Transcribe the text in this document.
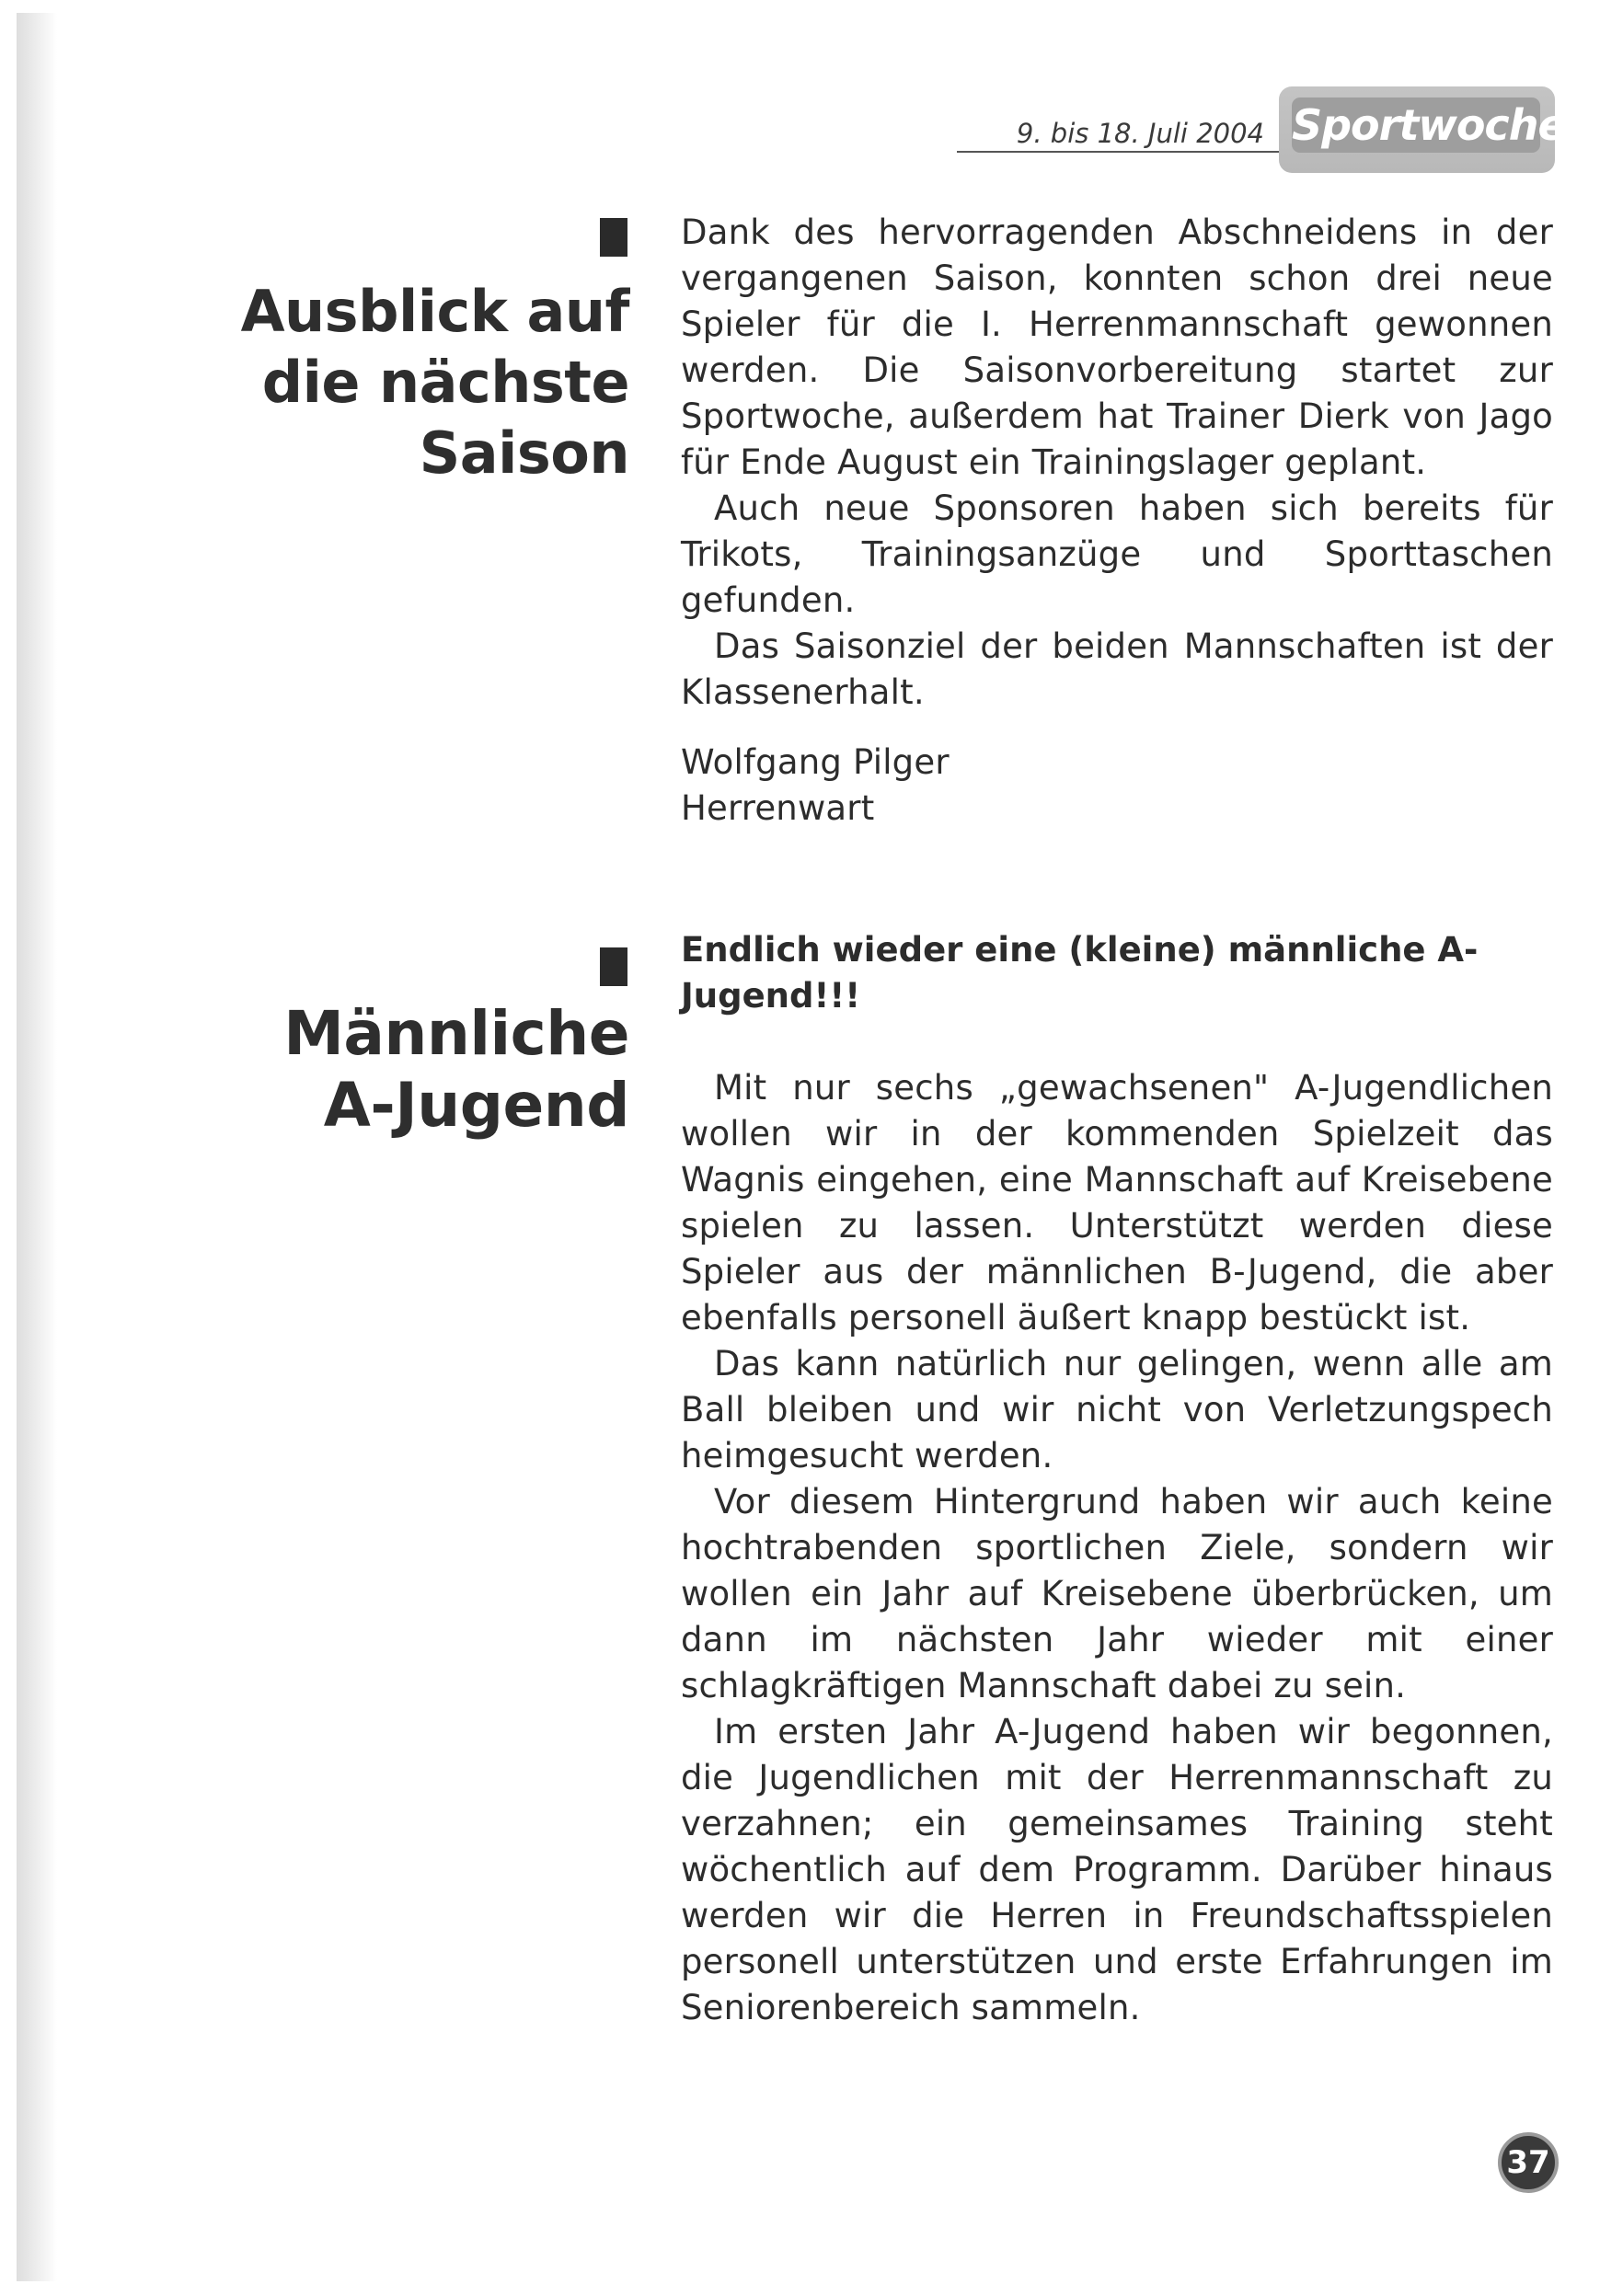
9. bis 18. Juli 2004 Sportwoche
Ausblick auf
die nächste
Saison

Dank des hervorragenden Abschneidens in der vergangenen Saison, konnten schon drei neue Spieler für die I. Herrenmannschaft gewonnen werden. Die Saisonvorbereitung startet zur Sportwoche, außerdem hat Trainer Dierk von Jago für Ende August ein Trainingslager geplant.

Auch neue Sponsoren haben sich bereits für Trikots, Trainingsanzüge und Sporttaschen gefunden.

Das Saisonziel der beiden Mannschaften ist der Klassenerhalt.

Wolfgang Pilger
Herrenwart

Männliche
A-Jugend
Endlich wieder eine (kleine) männliche A-Jugend!!!

Mit nur sechs „gewachsenen" A-Jugendlichen wollen wir in der kommenden Spielzeit das Wagnis eingehen, eine Mannschaft auf Kreisebene spielen zu lassen. Unterstützt werden diese Spieler aus der männlichen B-Jugend, die aber ebenfalls personell äußert knapp bestückt ist.

Das kann natürlich nur gelingen, wenn alle am Ball bleiben und wir nicht von Verletzungspech heimgesucht werden.

Vor diesem Hintergrund haben wir auch keine hochtrabenden sportlichen Ziele, sondern wir wollen ein Jahr auf Kreisebene überbrücken, um dann im nächsten Jahr wieder mit einer schlagkräftigen Mannschaft dabei zu sein.

Im ersten Jahr A-Jugend haben wir begonnen, die Jugendlichen mit der Herrenmannschaft zu verzahnen; ein gemeinsames Training steht wöchentlich auf dem Programm. Darüber hinaus werden wir die Herren in Freundschaftsspielen personell unterstützen und erste Erfahrungen im Seniorenbereich sammeln.

37
